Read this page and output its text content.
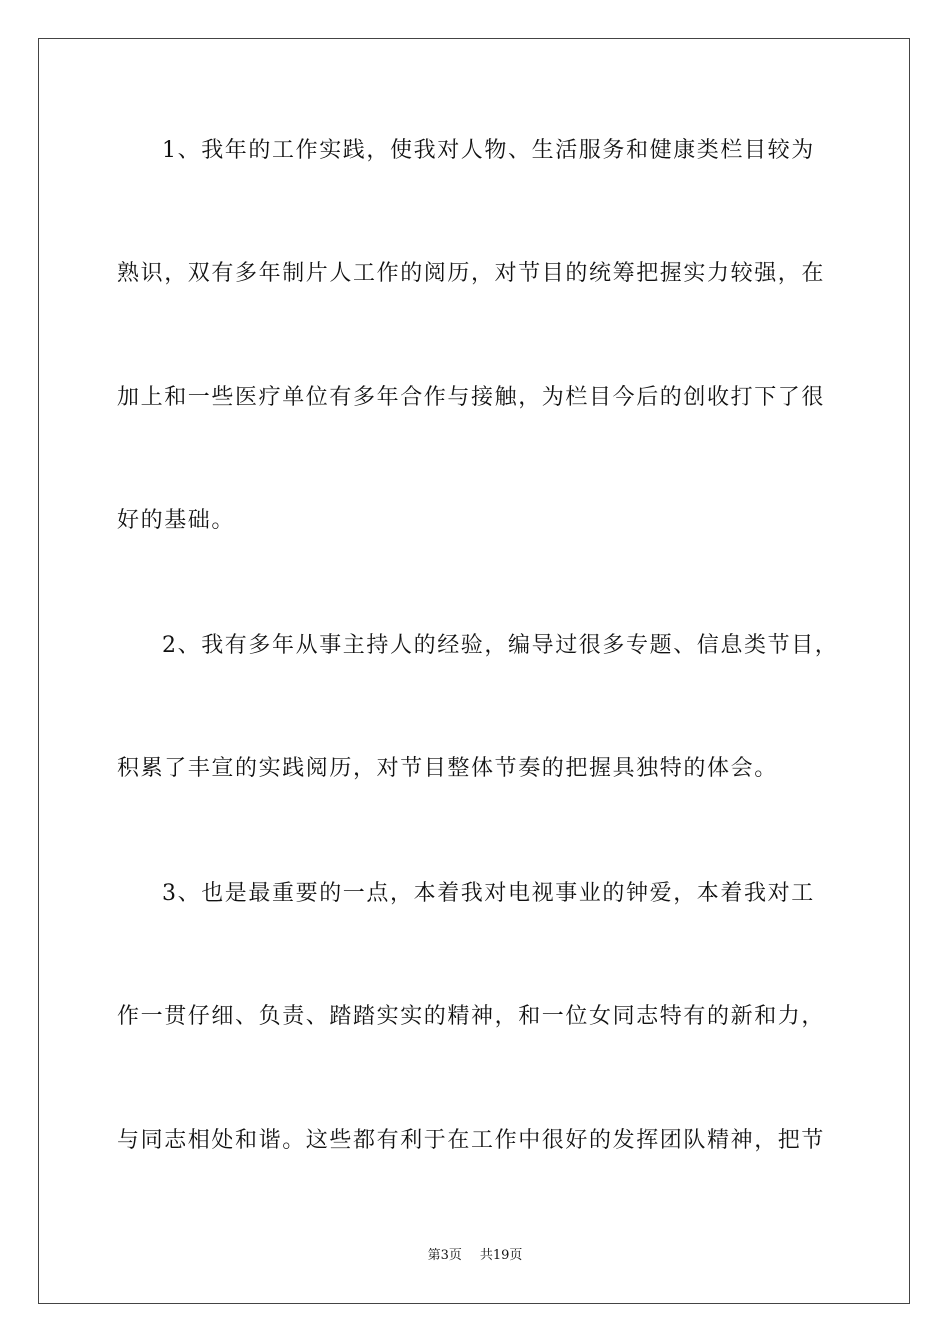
1、我年的工作实践，使我对人物、生活服务和健康类栏目较为
熟识，双有多年制片人工作的阅历，对节目的统筹把握实力较强，在
加上和一些医疗单位有多年合作与接触，为栏目今后的创收打下了很
好的基础。
2、我有多年从事主持人的经验，编导过很多专题、信息类节目，
积累了丰宣的实践阅历，对节目整体节奏的把握具独特的体会。
3、也是最重要的一点，本着我对电视事业的钟爱，本着我对工
作一贯仔细、负责、踏踏实实的精神，和一位女同志特有的新和力，
与同志相处和谐。这些都有利于在工作中很好的发挥团队精神，把节
第3页 共19页
